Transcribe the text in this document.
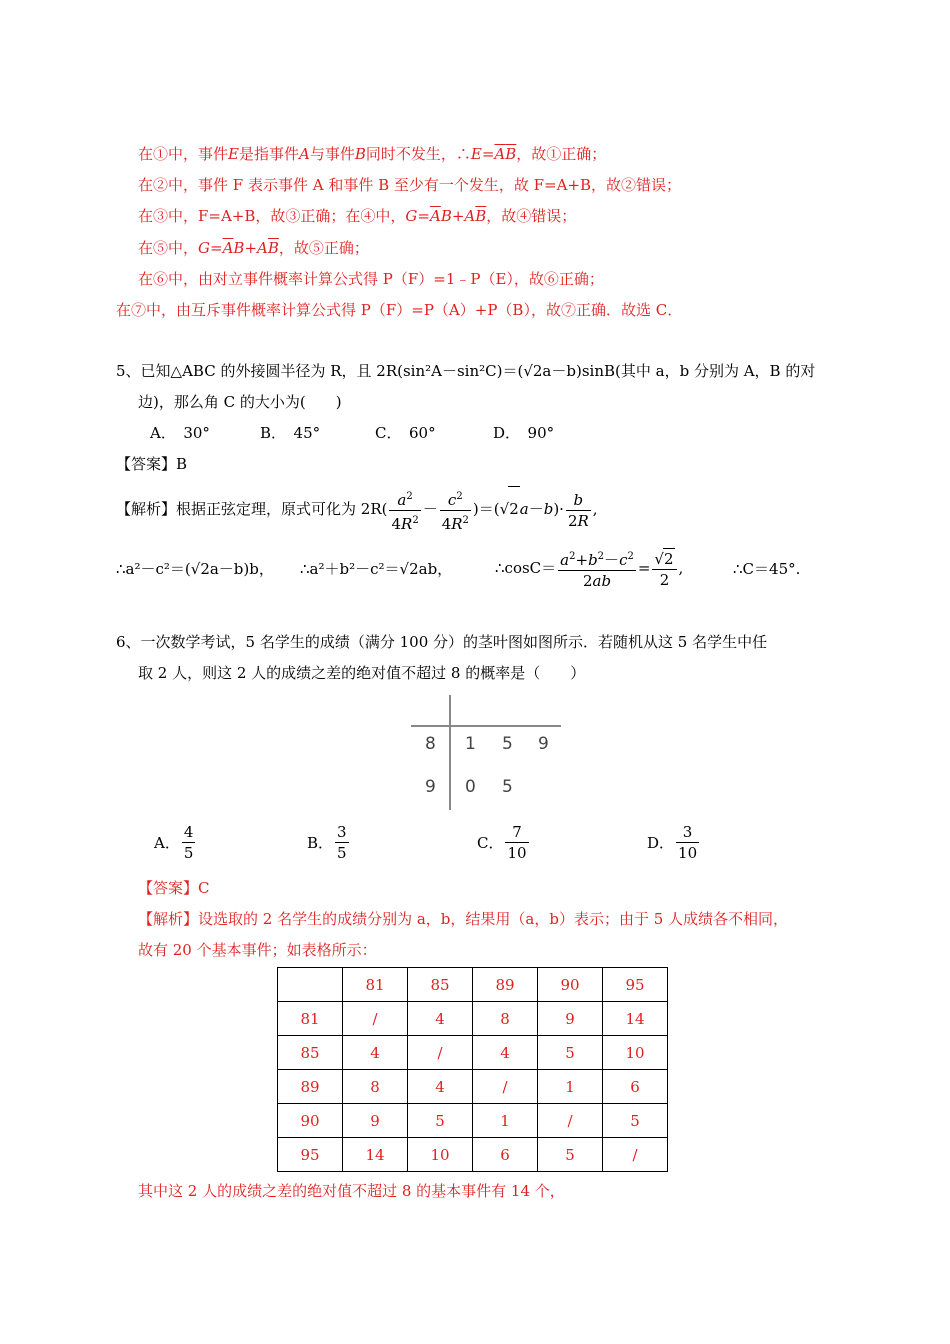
在①中，事件E是指事件A与事件B同时不发生，$\therefore E=\overline{A}\overline{B}$，故①正确；
在②中，事件 F 表示事件 A 和事件 B 至少有一个发生，故 F=A+B，故②错误；
在③中，F=A+B，故③正确；在④中，$G=\overline{A}B+A\overline{B}$，故④错误；
在⑤中，$G=\overline{A}B+A\overline{B}$，故⑤正确；
在⑥中，由对立事件概率计算公式得 P（F）=1﹣P（E），故⑥正确；
在⑦中，由互斥事件概率计算公式得 P（F）=P（A）+P（B），故⑦正确．故选 C．
5、已知△ABC 的外接圆半径为 R，且 2R(sin²A－sin²C)＝(√2a－b)sinB(其中 a，b 分别为 A，B 的对
边)，那么角 C 的大小为(　　)
A．　30°	B．　45°	C．　60°	D．　90°
【答案】B
【解析】根据正弦定理，原式可化为 $2R( \frac{a^2}{4R^2} - \frac{c^2}{4R^2} )=(√2a-b)\cdot \frac{b}{2R}$ ,
∴a²－c²＝(√2a－b)b， ∴a²＋b²－c²＝√2ab，	∴cosC＝ $\frac{a^2+b^2-c^2}{2ab} = \frac{√2}{2}$ ,	∴C＝45°.
6、一次数学考试，5 名学生的成绩（满分 100 分）的茎叶图如图所示．若随机从这 5 名学生中任
取 2 人，则这 2 人的成绩之差的绝对值不超过 8 的概率是（　　）
8 1 5 9
9 0 5
A． $\frac{4}{5}$	B． $\frac{3}{5}$	C． $\frac{7}{10}$	D． $\frac{3}{10}$
【答案】C
【解析】设选取的 2 名学生的成绩分别为 a，b，结果用（a，b）表示；由于 5 人成绩各不相同，
故有 20 个基本事件；如表格所示：
	81	85	89	90	95
81	/	4	8	9	14
85	4	/	4	5	10
89	8	4	/	1	6
90	9	5	1	/	5
95	14	10	6	5	/
其中这 2 人的成绩之差的绝对值不超过 8 的基本事件有 14 个，
